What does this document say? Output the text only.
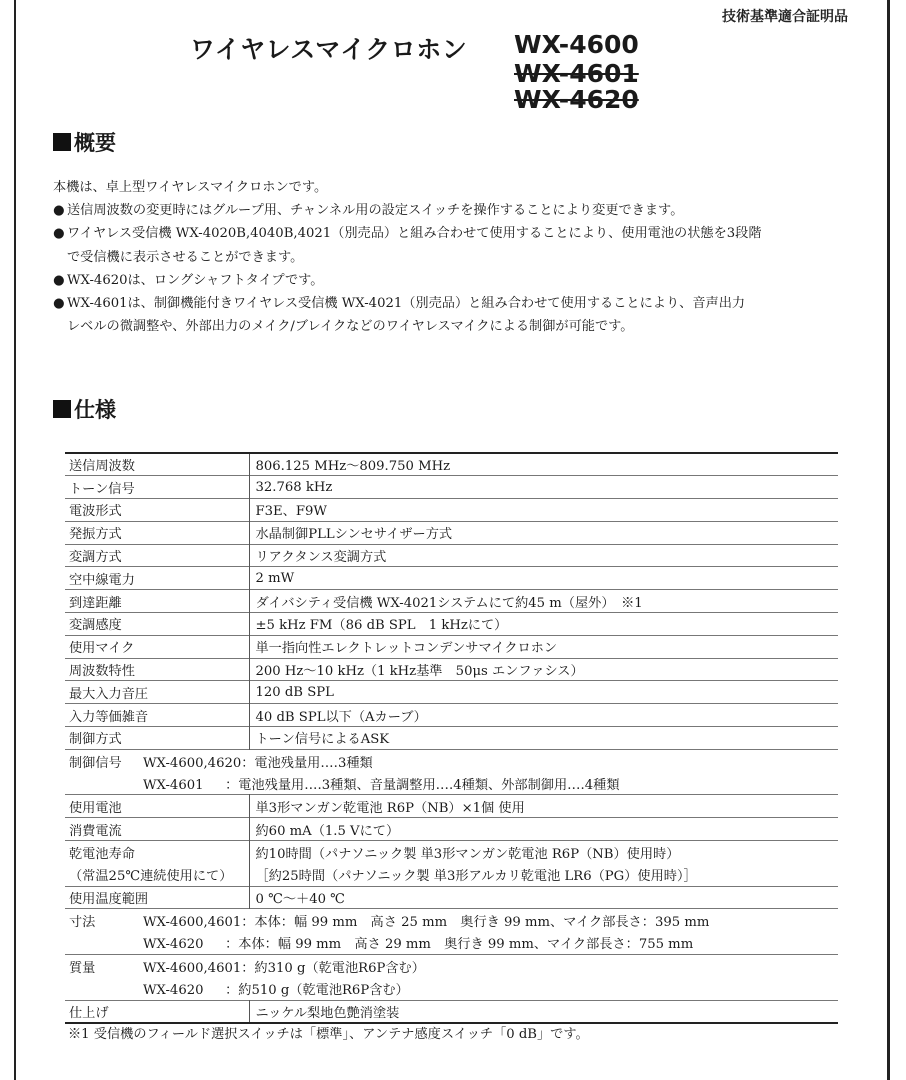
技術基準適合証明品
ワイヤレスマイクロホン WX-4600
WX-4601
WX-4620
概要

本機は、卓上型ワイヤレスマイクロホンです。

● 送信周波数の変更時にはグループ用、チャンネル用の設定スイッチを操作することにより変更できます。
● ワイヤレス受信機 WX-4020B,4040B,4021（別売品）と組み合わせて使用することにより、使用電池の状態を3段階
で受信機に表示させることができます。
● WX-4620は、ロングシャフトタイプです。
● WX-4601は、制御機能付きワイヤレス受信機 WX-4021（別売品）と組み合わせて使用することにより、音声出力
レベルの微調整や、外部出力のメイク/ブレイクなどのワイヤレスマイクによる制御が可能です。
仕様
送信周波数	806.125 MHz～809.750 MHz
トーン信号	32.768 kHz
電波形式	F3E、F9W
発振方式	水晶制御PLLシンセサイザー方式
変調方式	リアクタンス変調方式
空中線電力	2 mW
到達距離	ダイバシティ受信機 WX-4021システムにて約45 m（屋外）　※1
変調感度	±5 kHz FM（86 dB SPL　1 kHzにて）
使用マイク	単一指向性エレクトレットコンデンサマイクロホン
周波数特性	200 Hz～10 kHz（1 kHz基準　50μs エンファシス）
最大入力音圧	120 dB SPL
入力等価雑音	40 dB SPL以下（Aカーブ）
制御方式	トーン信号によるASK
制御信号 WX-4600,4620：電池残量用‥‥3種類	
WX-4601　 ：電池残量用‥‥3種類、音量調整用‥‥4種類、外部制御用‥‥4種類	
使用電池	単3形マンガン乾電池 R6P（NB）×1個 使用
消費電流	約60 mA（1.5 Vにて）
乾電池寿命	約10時間（パナソニック製 単3形マンガン乾電池 R6P（NB）使用時）
（常温25℃連続使用にて）	［約25時間（パナソニック製 単3形アルカリ乾電池 LR6（PG）使用時）］
使用温度範囲	0 ℃～＋40 ℃
寸法 WX-4600,4601：本体：幅 99 mm　高さ 25 mm　奥行き 99 mm、マイク部長さ：395 mm	
WX-4620　 ：本体：幅 99 mm　高さ 29 mm　奥行き 99 mm、マイク部長さ：755 mm	
質量 WX-4600,4601：約310 g（乾電池R6P含む）	
WX-4620　 ：約510 g（乾電池R6P含む）	
仕上げ	ニッケル梨地色艶消塗装
※1 受信機のフィールド選択スイッチは「標準」、アンテナ感度スイッチ「0 dB」です。
